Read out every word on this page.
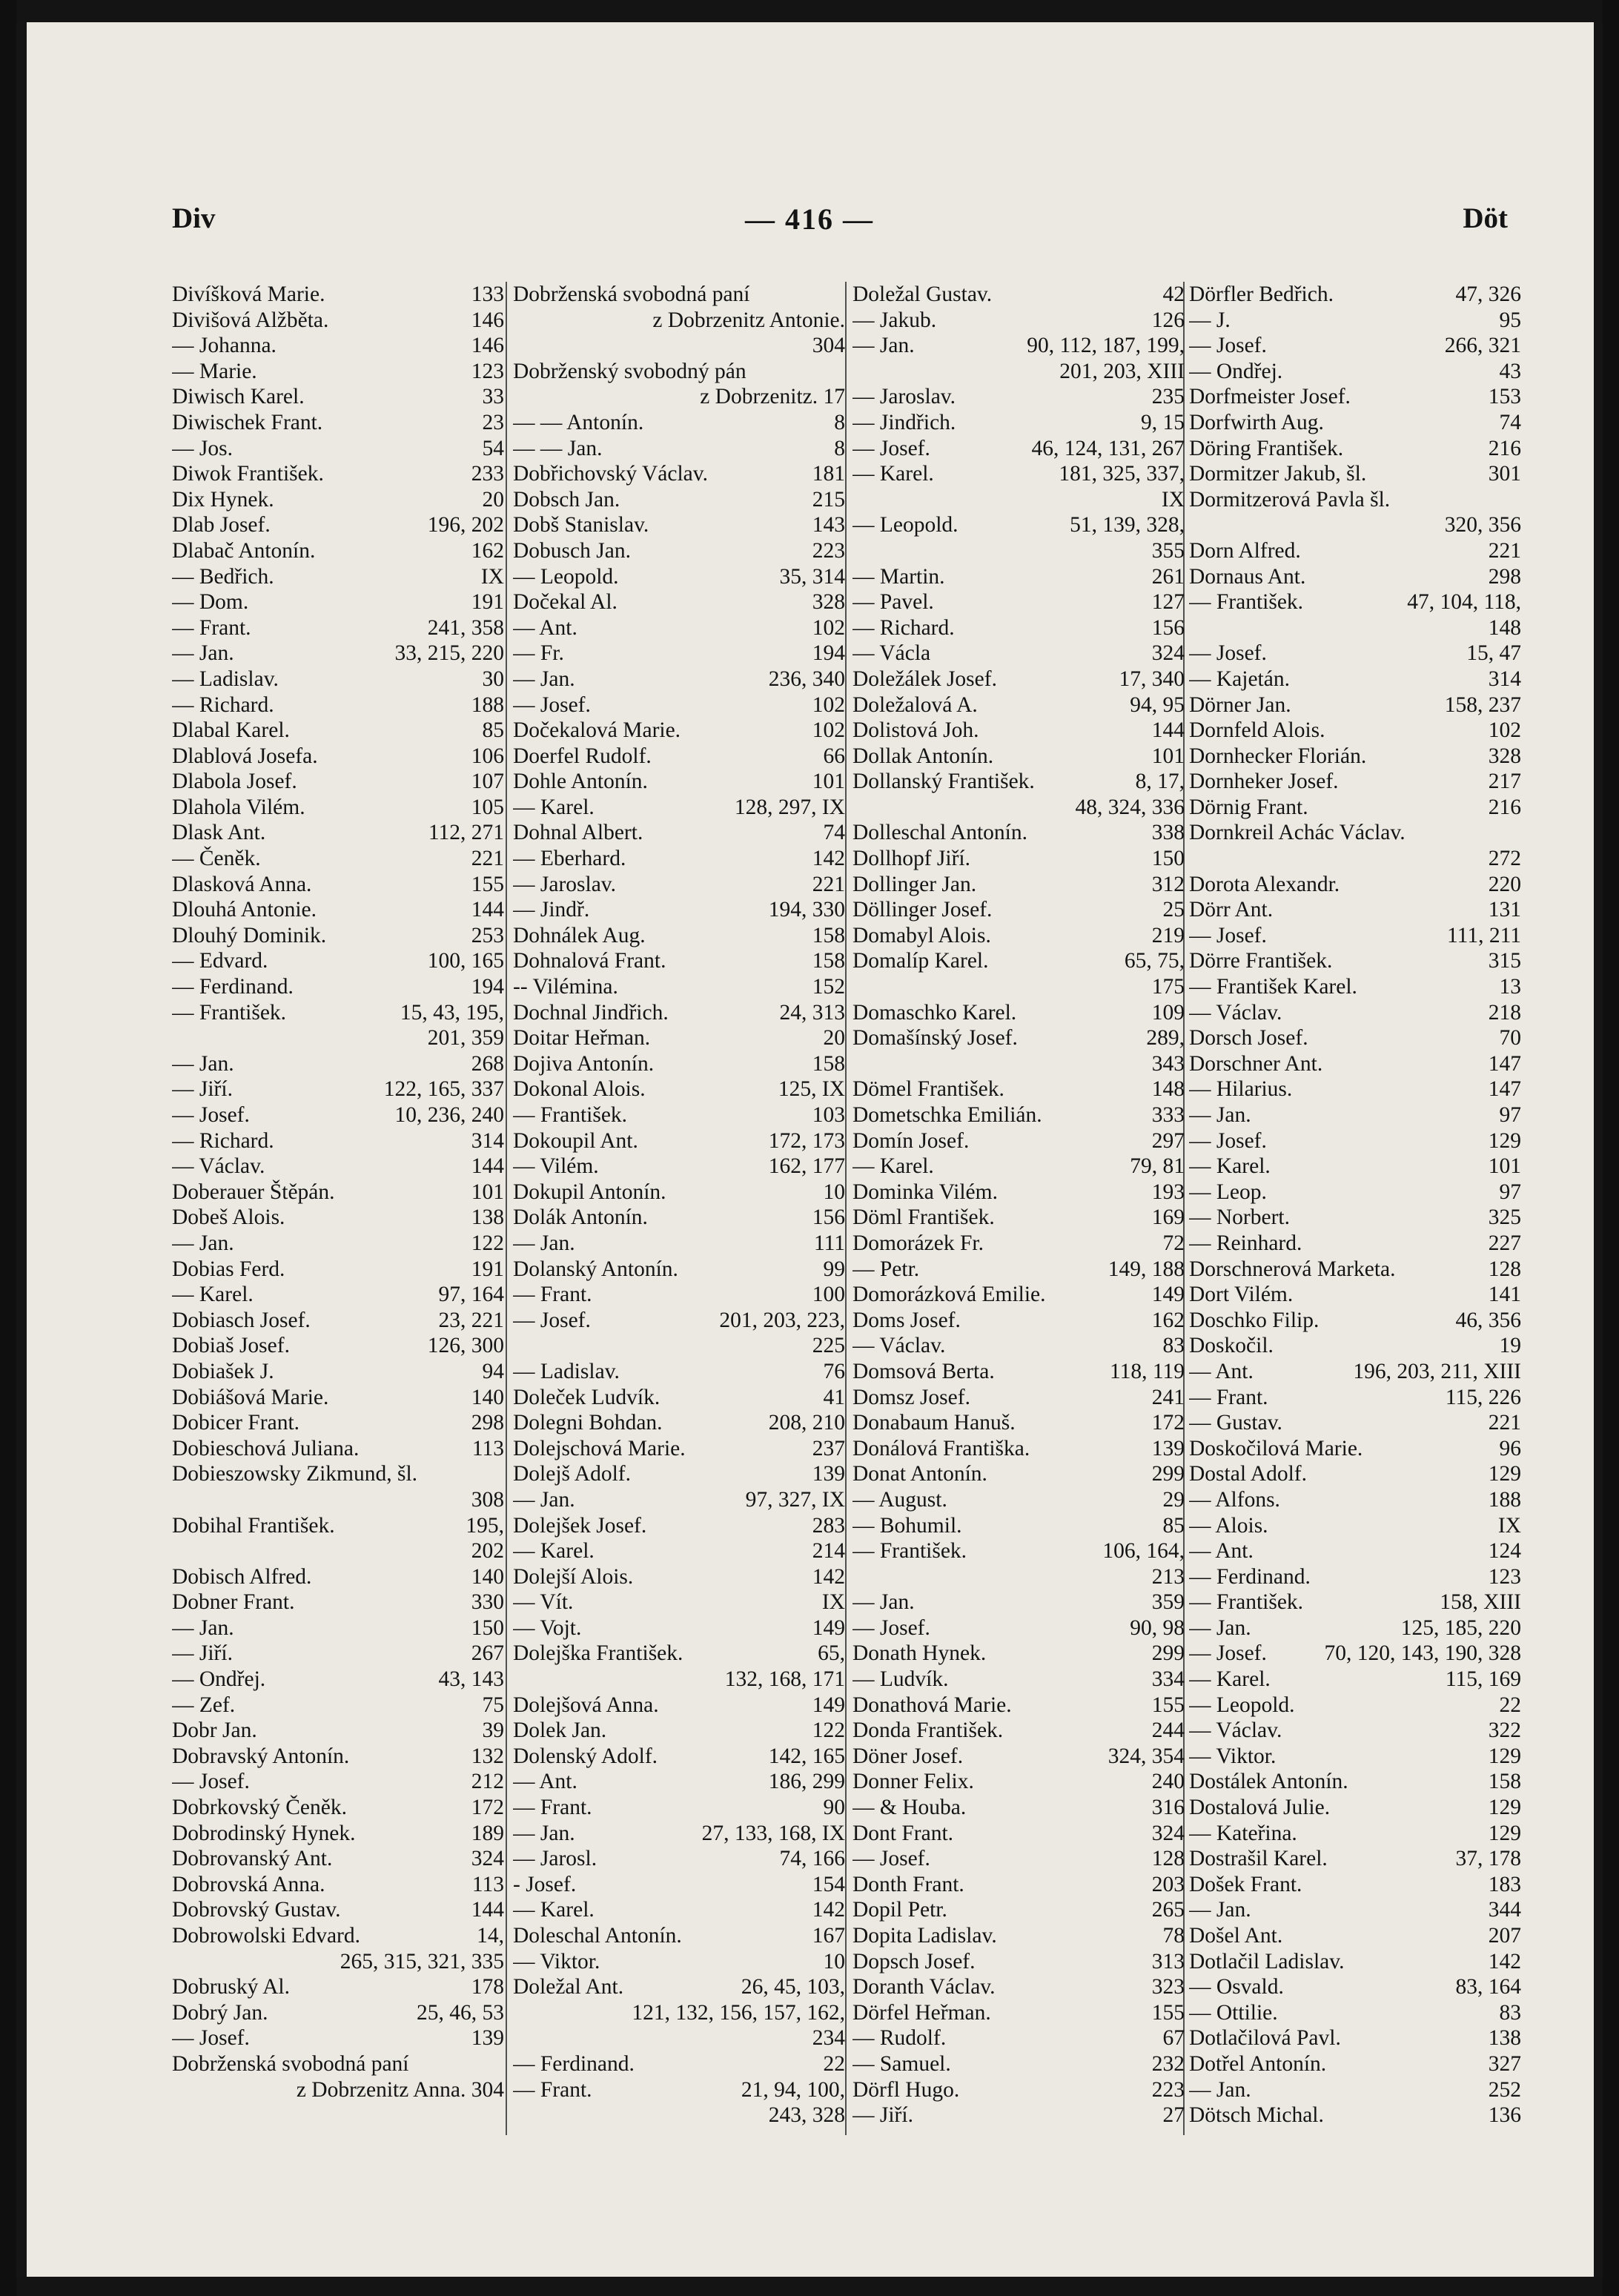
Div	— 416 —	Döt
133
Divíšková Marie.
146
Divišová Alžběta.
146
— Johanna.
123
— Marie.
33
Diwisch Karel.
23
Diwischek Frant.
54
— Jos.
233
Diwok František.
20
Dix Hynek.
196, 202
Dlab Josef.
162
Dlabač Antonín.
IX
— Bedřich.
191
— Dom.
241, 358
— Frant.
33, 215, 220
— Jan.
30
— Ladislav.
188
— Richard.
85
Dlabal Karel.
106
Dlablová Josefa.
107
Dlabola Josef.
105
Dlahola Vilém.
112, 271
Dlask Ant.
221
— Čeněk.
155
Dlasková Anna.
144
Dlouhá Antonie.
253
Dlouhý Dominik.
100, 165
— Edvard.
194
— Ferdinand.
15, 43, 195,
— František.
201, 359
268
— Jan.
122, 165, 337
— Jiří.
10, 236, 240
— Josef.
314
— Richard.
144
— Václav.
101
Doberauer Štěpán.
138
Dobeš Alois.
122
— Jan.
191
Dobias Ferd.
97, 164
— Karel.
23, 221
Dobiasch Josef.
126, 300
Dobiaš Josef.
94
Dobiašek J.
140
Dobiášová Marie.
298
Dobicer Frant.
113
Dobieschová Juliana.
Dobieszowsky Zikmund, šl.
308
195,
Dobihal František.
202
140
Dobisch Alfred.
330
Dobner Frant.
150
— Jan.
267
— Jiří.
43, 143
— Ondřej.
75
— Zef.
39
Dobr Jan.
132
Dobravský Antonín.
212
— Josef.
172
Dobrkovský Čeněk.
189
Dobrodinský Hynek.
324
Dobrovanský Ant.
113
Dobrovská Anna.
144
Dobrovský Gustav.
14,
Dobrowolski Edvard.
265, 315, 321, 335
178
Dobruský Al.
25, 46, 53
Dobrý Jan.
139
— Josef.
Dobrženská svobodná paní
z Dobrzenitz Anna. 304
Dobrženská svobodná paní
z Dobrzenitz Antonie.
304
Dobrženský svobodný pán
z Dobrzenitz. 17
8
— — Antonín.
8
— — Jan.
181
Dobřichovský Václav.
215
Dobsch Jan.
143
Dobš Stanislav.
223
Dobusch Jan.
35, 314
— Leopold.
328
Dočekal Al.
102
— Ant.
194
— Fr.
236, 340
— Jan.
102
— Josef.
102
Dočekalová Marie.
66
Doerfel Rudolf.
101
Dohle Antonín.
128, 297, IX
— Karel.
74
Dohnal Albert.
142
— Eberhard.
221
— Jaroslav.
194, 330
— Jindř.
158
Dohnálek Aug.
158
Dohnalová Frant.
152
-- Vilémina.
24, 313
Dochnal Jindřich.
20
Doitar Heřman.
158
Dojiva Antonín.
125, IX
Dokonal Alois.
103
— František.
172, 173
Dokoupil Ant.
162, 177
— Vilém.
10
Dokupil Antonín.
156
Dolák Antonín.
111
— Jan.
99
Dolanský Antonín.
100
— Frant.
201, 203, 223,
— Josef.
225
76
— Ladislav.
41
Doleček Ludvík.
208, 210
Dolegni Bohdan.
237
Dolejschová Marie.
139
Dolejš Adolf.
97, 327, IX
— Jan.
283
Dolejšek Josef.
214
— Karel.
142
Dolejší Alois.
IX
— Vít.
149
— Vojt.
65,
Dolejška František.
132, 168, 171
149
Dolejšová Anna.
122
Dolek Jan.
142, 165
Dolenský Adolf.
186, 299
— Ant.
90
— Frant.
27, 133, 168, IX
— Jan.
74, 166
— Jarosl.
154
- Josef.
142
— Karel.
167
Doleschal Antonín.
10
— Viktor.
26, 45, 103,
Doležal Ant.
121, 132, 156, 157, 162,
234
22
— Ferdinand.
21, 94, 100,
— Frant.
243, 328
42
Doležal Gustav.
126
— Jakub.
90, 112, 187, 199,
— Jan.
201, 203, XIII
235
— Jaroslav.
9, 15
— Jindřich.
46, 124, 131, 267
— Josef.
181, 325, 337,
— Karel.
IX
51, 139, 328,
— Leopold.
355
261
— Martin.
127
— Pavel.
156
— Richard.
324
— Václa
17, 340
Doležálek Josef.
94, 95
Doležalová A.
144
Dolistová Joh.
101
Dollak Antonín.
8, 17,
Dollanský František.
48, 324, 336
338
Dolleschal Antonín.
150
Dollhopf Jiří.
312
Dollinger Jan.
25
Döllinger Josef.
219
Domabyl Alois.
65, 75,
Domalíp Karel.
175
109
Domaschko Karel.
289,
Domašínský Josef.
343
148
Dömel František.
333
Dometschka Emilián.
297
Domín Josef.
79, 81
— Karel.
193
Dominka Vilém.
169
Döml František.
72
Domorázek Fr.
149, 188
— Petr.
149
Domorázková Emilie.
162
Doms Josef.
83
— Václav.
118, 119
Domsová Berta.
241
Domsz Josef.
172
Donabaum Hanuš.
139
Donálová Františka.
299
Donat Antonín.
29
— August.
85
— Bohumil.
106, 164,
— František.
213
359
— Jan.
90, 98
— Josef.
299
Donath Hynek.
334
— Ludvík.
155
Donathová Marie.
244
Donda František.
324, 354
Döner Josef.
240
Donner Felix.
316
— & Houba.
324
Dont Frant.
128
— Josef.
203
Donth Frant.
265
Dopil Petr.
78
Dopita Ladislav.
313
Dopsch Josef.
323
Doranth Václav.
155
Dörfel Heřman.
67
— Rudolf.
232
— Samuel.
223
Dörfl Hugo.
27
— Jiří.
47, 326
Dörfler Bedřich.
95
— J.
266, 321
— Josef.
43
— Ondřej.
153
Dorfmeister Josef.
74
Dorfwirth Aug.
216
Döring František.
301
Dormitzer Jakub, šl.
Dormitzerová Pavla šl.
320, 356
221
Dorn Alfred.
298
Dornaus Ant.
47, 104, 118,
— František.
148
15, 47
— Josef.
314
— Kajetán.
158, 237
Dörner Jan.
102
Dornfeld Alois.
328
Dornhecker Florián.
217
Dornheker Josef.
216
Dörnig Frant.
Dornkreil Achác Václav.
272
220
Dorota Alexandr.
131
Dörr Ant.
111, 211
— Josef.
315
Dörre František.
13
— František Karel.
218
— Václav.
70
Dorsch Josef.
147
Dorschner Ant.
147
— Hilarius.
97
— Jan.
129
— Josef.
101
— Karel.
97
— Leop.
325
— Norbert.
227
— Reinhard.
128
Dorschnerová Marketa.
141
Dort Vilém.
46, 356
Doschko Filip.
19
Doskočil.
196, 203, 211, XIII
— Ant.
115, 226
— Frant.
221
— Gustav.
96
Doskočilová Marie.
129
Dostal Adolf.
188
— Alfons.
IX
— Alois.
124
— Ant.
123
— Ferdinand.
158, XIII
— František.
125, 185, 220
— Jan.
70, 120, 143, 190, 328
— Josef.
115, 169
— Karel.
22
— Leopold.
322
— Václav.
129
— Viktor.
158
Dostálek Antonín.
129
Dostalová Julie.
129
— Kateřina.
37, 178
Dostrašil Karel.
183
Došek Frant.
344
— Jan.
207
Došel Ant.
142
Dotlačil Ladislav.
83, 164
— Osvald.
83
— Ottilie.
138
Dotlačilová Pavl.
327
Dotřel Antonín.
252
— Jan.
136
Dötsch Michal.
